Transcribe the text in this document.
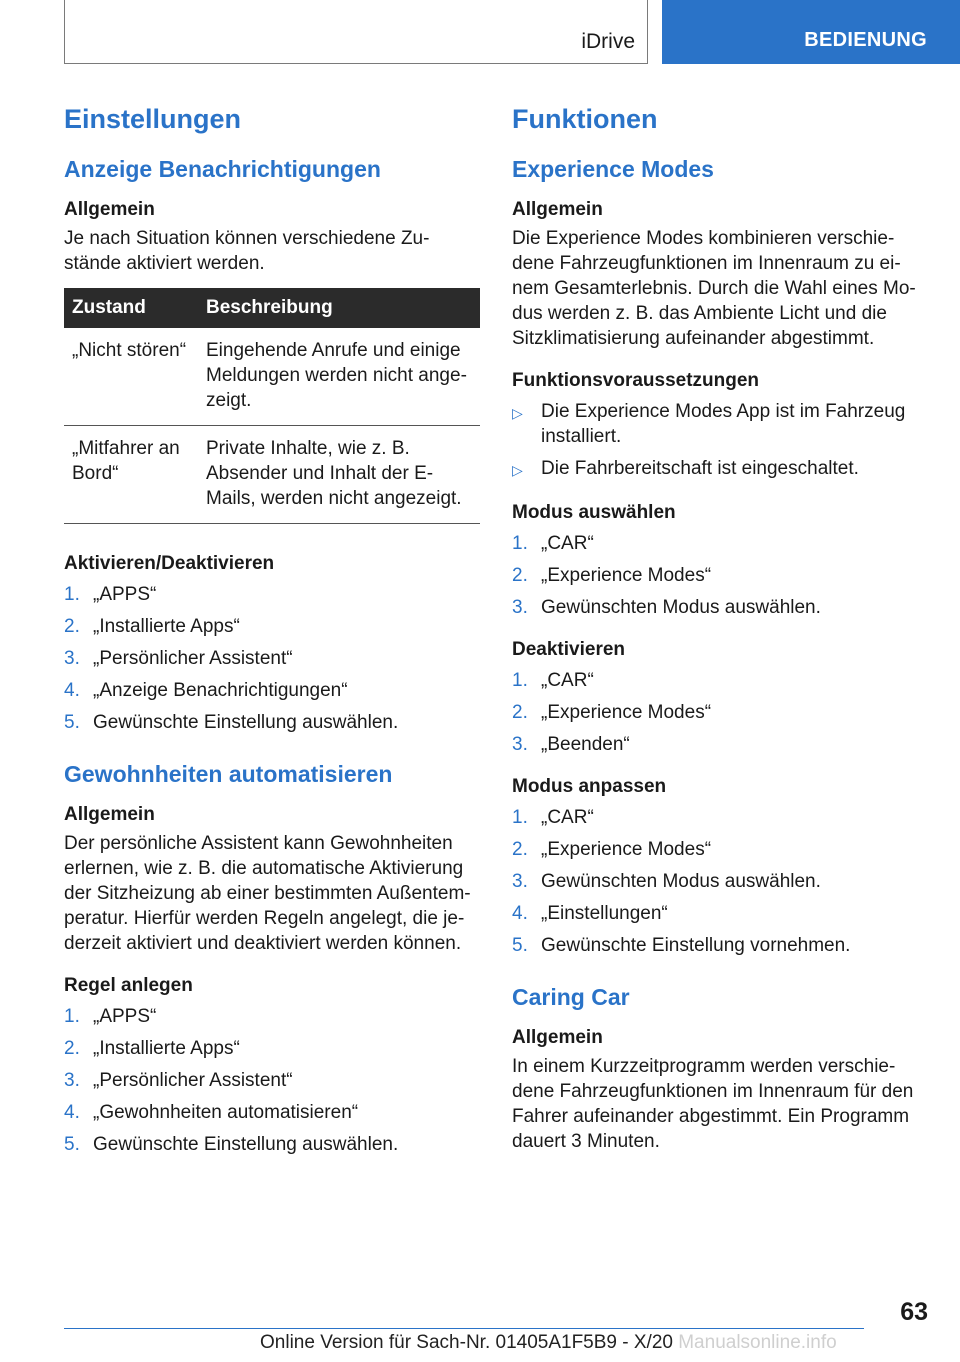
iDrive	BEDIENUNG
Einstellungen
Anzeige Benachrichtigungen
Allgemein

Je nach Situation können verschiedene Zustände aktiviert werden.

Zustand	Beschreibung
„Nicht stören“	Eingehende Anrufe und einige Meldungen werden nicht angezeigt.
„Mitfahrer an Bord“	Private Inhalte, wie z. B. Absender und Inhalt der E-Mails, werden nicht angezeigt.
Aktivieren/Deaktivieren
1. „APPS“
2. „Installierte Apps“
3. „Persönlicher Assistent“
4. „Anzeige Benachrichtigungen“
5. Gewünschte Einstellung auswählen.
Gewohnheiten automatisieren
Allgemein

Der persönliche Assistent kann Gewohnheiten erlernen, wie z. B. die automatische Aktivierung der Sitzheizung ab einer bestimmten Außentemperatur. Hierfür werden Regeln angelegt, die jederzeit aktiviert und deaktiviert werden können.

Regel anlegen
1. „APPS“
2. „Installierte Apps“
3. „Persönlicher Assistent“
4. „Gewohnheiten automatisieren“
5. Gewünschte Einstellung auswählen.
Funktionen
Experience Modes
Allgemein

Die Experience Modes kombinieren verschiedene Fahrzeugfunktionen im Innenraum zu einem Gesamterlebnis. Durch die Wahl eines Modus werden z. B. das Ambiente Licht und die Sitzklimatisierung aufeinander abgestimmt.

Funktionsvoraussetzungen
▷ Die Experience Modes App ist im Fahrzeug installiert.
▷ Die Fahrbereitschaft ist eingeschaltet.
Modus auswählen
1. „CAR“
2. „Experience Modes“
3. Gewünschten Modus auswählen.
Deaktivieren
1. „CAR“
2. „Experience Modes“
3. „Beenden“
Modus anpassen
1. „CAR“
2. „Experience Modes“
3. Gewünschten Modus auswählen.
4. „Einstellungen“
5. Gewünschte Einstellung vornehmen.
Caring Car
Allgemein

In einem Kurzzeitprogramm werden verschiedene Fahrzeugfunktionen im Innenraum für den Fahrer aufeinander abgestimmt. Ein Programm dauert 3 Minuten.

63
Online Version für Sach-Nr. 01405A1F5B9 - X/20 Manualsonline.info
